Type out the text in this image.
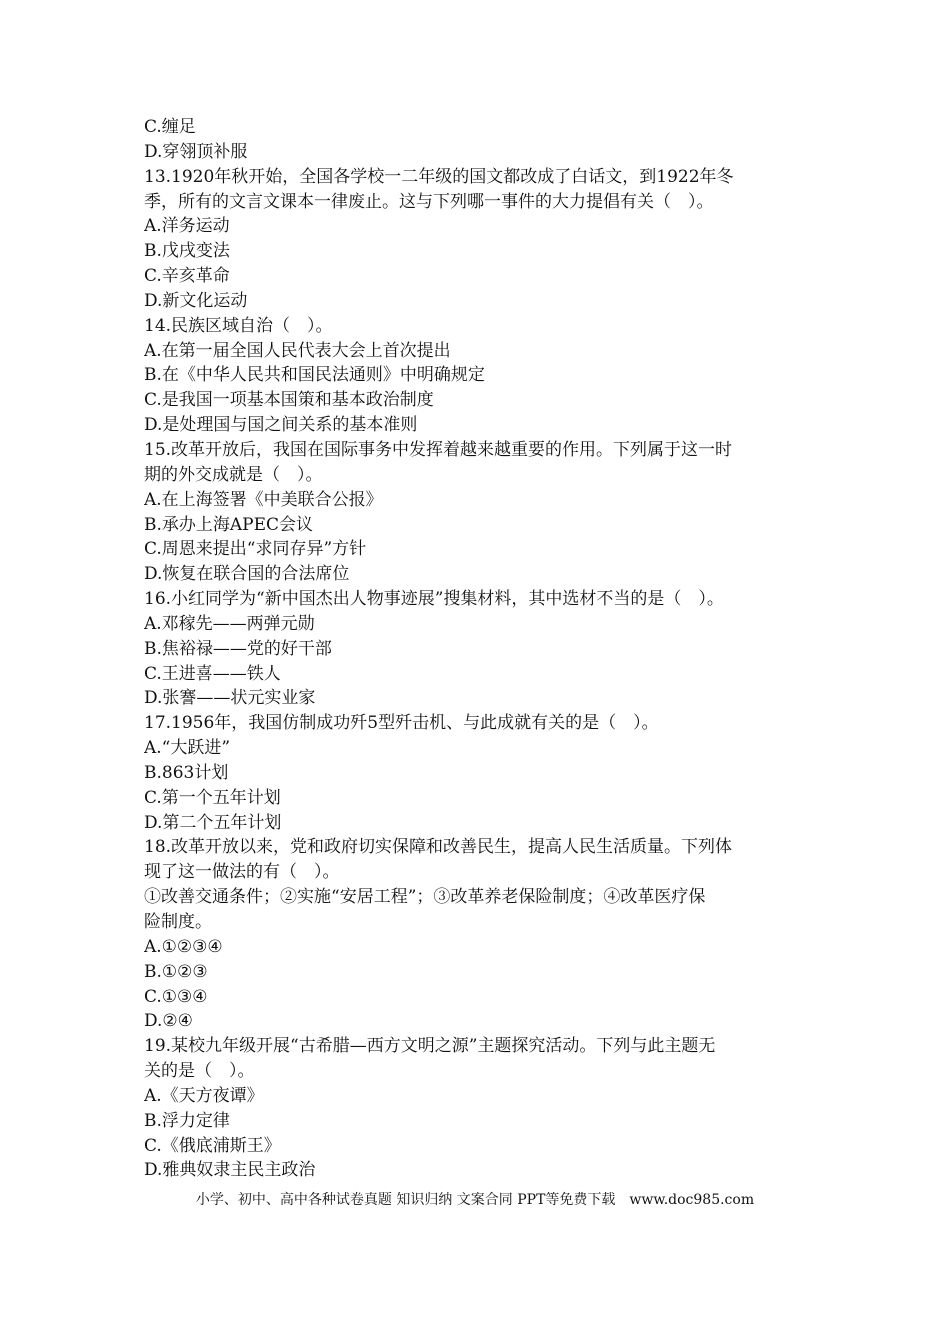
C.缠足
D.穿翎顶补服
13.1920年秋开始，全国各学校一二年级的国文都改成了白话文，到1922年冬
季，所有的文言文课本一律废止。这与下列哪一事件的大力提倡有关（　）。
A.洋务运动
B.戊戌变法
C.辛亥革命
D.新文化运动
14.民族区域自治（　）。
A.在第一届全国人民代表大会上首次提出
B.在《中华人民共和国民法通则》中明确规定
C.是我国一项基本国策和基本政治制度
D.是处理国与国之间关系的基本准则
15.改革开放后，我国在国际事务中发挥着越来越重要的作用。下列属于这一时
期的外交成就是（　）。
A.在上海签署《中美联合公报》
B.承办上海APEC会议
C.周恩来提出“求同存异”方针
D.恢复在联合国的合法席位
16.小红同学为“新中国杰出人物事迹展”搜集材料，其中选材不当的是（　）。
A.邓稼先——两弹元勋
B.焦裕禄——党的好干部
C.王进喜——铁人
D.张謇——状元实业家
17.1956年，我国仿制成功歼5型歼击机、与此成就有关的是（　）。
A.“大跃进”
B.863计划
C.第一个五年计划
D.第二个五年计划
18.改革开放以来，党和政府切实保障和改善民生，提高人民生活质量。下列体
现了这一做法的有（　）。
①改善交通条件；②实施“安居工程”；③改革养老保险制度；④改革医疗保
险制度。
A.①②③④
B.①②③
C.①③④
D.②④
19.某校九年级开展“古希腊—西方文明之源”主题探究活动。下列与此主题无
关的是（　）。
A.《天方夜谭》
B.浮力定律
C.《俄底浦斯王》
D.雅典奴隶主民主政治
小学、初中、高中各种试卷真题 知识归纳 文案合同 PPT等免费下载　www.doc985.com
